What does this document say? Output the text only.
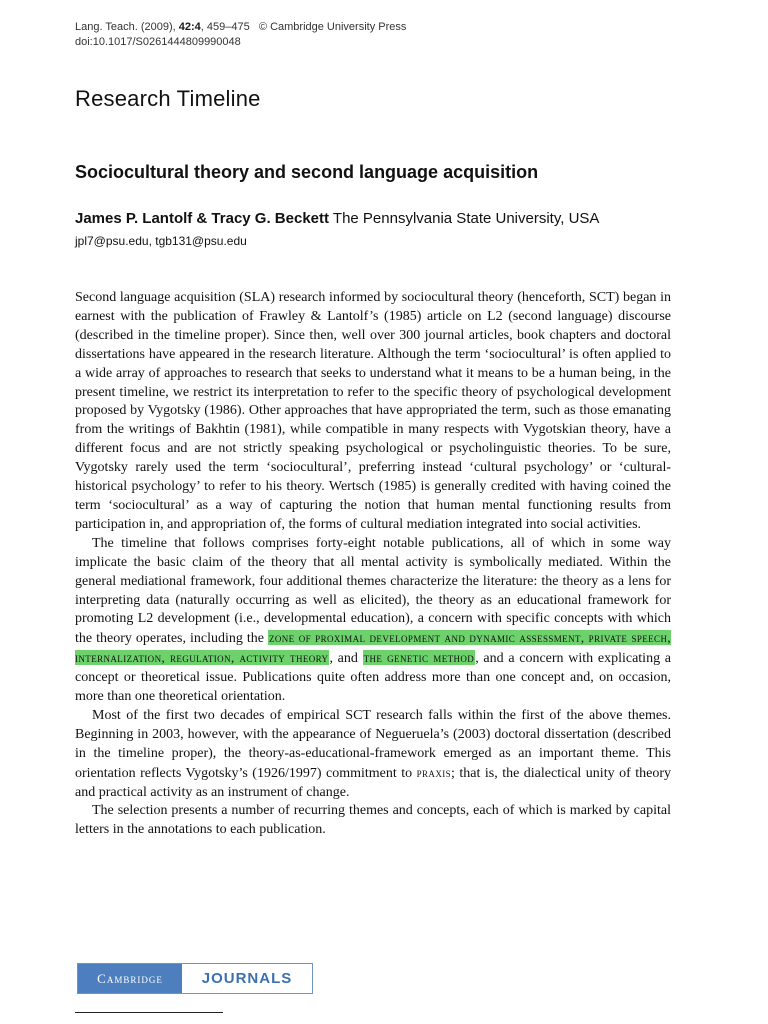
Lang. Teach. (2009), 42:4, 459–475 © Cambridge University Press
doi:10.1017/S0261444809990048
Research Timeline
Sociocultural theory and second language acquisition
James P. Lantolf & Tracy G. Beckett The Pennsylvania State University, USA
jpl7@psu.edu, tgb131@psu.edu

Second language acquisition (SLA) research informed by sociocultural theory (henceforth, SCT) began in earnest with the publication of Frawley & Lantolf’s (1985) article on L2 (second language) discourse (described in the timeline proper). Since then, well over 300 journal articles, book chapters and doctoral dissertations have appeared in the research literature. Although the term ‘sociocultural’ is often applied to a wide array of approaches to research that seeks to understand what it means to be a human being, in the present timeline, we restrict its interpretation to refer to the specific theory of psychological development proposed by Vygotsky (1986). Other approaches that have appropriated the term, such as those emanating from the writings of Bakhtin (1981), while compatible in many respects with Vygotskian theory, have a different focus and are not strictly speaking psychological or psycholinguistic theories. To be sure, Vygotsky rarely used the term ‘sociocultural’, preferring instead ‘cultural psychology’ or ‘cultural-historical psychology’ to refer to his theory. Wertsch (1985) is generally credited with having coined the term ‘sociocultural’ as a way of capturing the notion that human mental functioning results from participation in, and appropriation of, the forms of cultural mediation integrated into social activities.

The timeline that follows comprises forty-eight notable publications, all of which in some way implicate the basic claim of the theory that all mental activity is symbolically mediated. Within the general mediational framework, four additional themes characterize the literature: the theory as a lens for interpreting data (naturally occurring as well as elicited), the theory as an educational framework for promoting L2 development (i.e., developmental education), a concern with specific concepts with which the theory operates, including the zone of proximal development and dynamic assessment, private speech, internalization, regulation, activity theory, and the genetic method, and a concern with explicating a concept or theoretical issue. Publications quite often address more than one concept and, on occasion, more than one theoretical orientation.

Most of the first two decades of empirical SCT research falls within the first of the above themes. Beginning in 2003, however, with the appearance of Negueruela’s (2003) doctoral dissertation (described in the timeline proper), the theory-as-educational-framework emerged as an important theme. This orientation reflects Vygotsky’s (1926/1997) commitment to praxis; that is, the dialectical unity of theory and practical activity as an instrument of change.

The selection presents a number of recurring themes and concepts, each of which is marked by capital letters in the annotations to each publication.

Cambridge	JOURNALS
